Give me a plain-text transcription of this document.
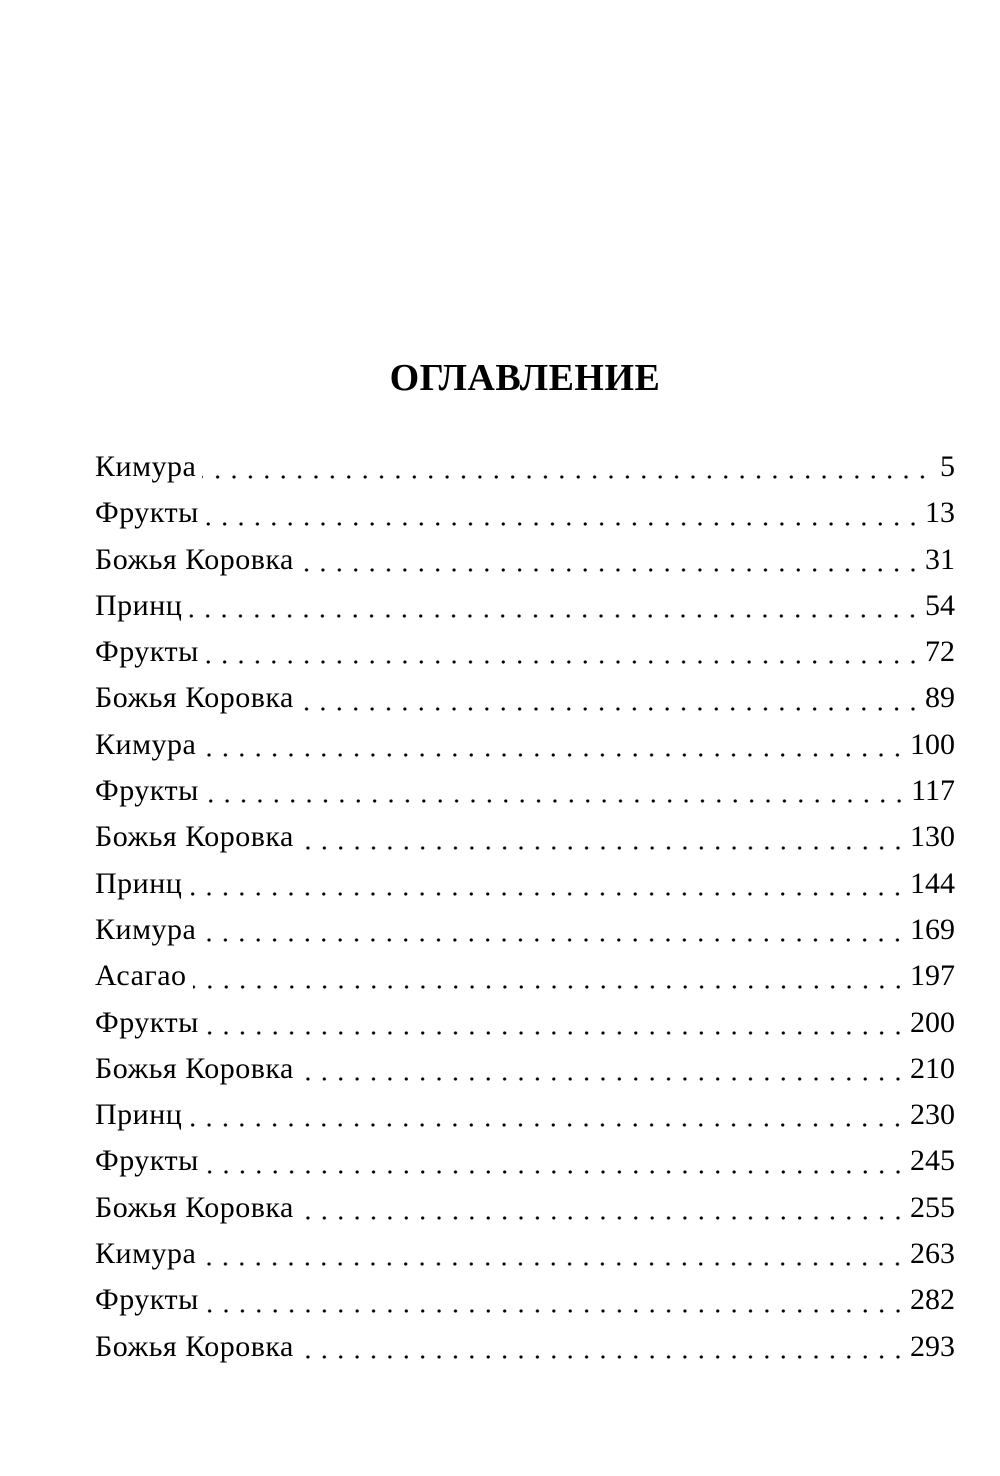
ОГЛАВЛЕНИЕ
Кимура	5
Фрукты	13
Божья Коровка	31
Принц	54
Фрукты	72
Божья Коровка	89
Кимура	100
Фрукты	117
Божья Коровка	130
Принц	144
Кимура	169
Асагао	197
Фрукты	200
Божья Коровка	210
Принц	230
Фрукты	245
Божья Коровка	255
Кимура	263
Фрукты	282
Божья Коровка	293
